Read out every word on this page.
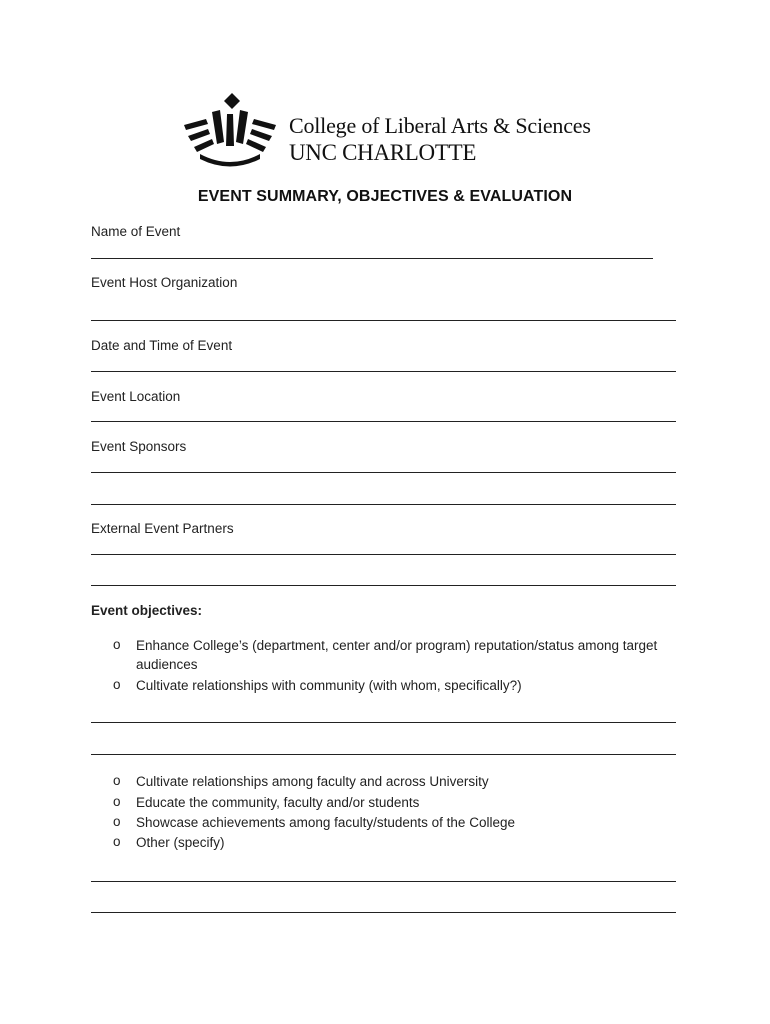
College of Liberal Arts & Sciences
UNC CHARLOTTE
EVENT SUMMARY, OBJECTIVES & EVALUATION
Name of Event
Event Host Organization
Date and Time of Event
Event Location
Event Sponsors
External Event Partners
Event objectives:
o Enhance College’s (department, center and/or program) reputation/status among target audiences
o Cultivate relationships with community (with whom, specifically?)
o Cultivate relationships among faculty and across University
o Educate the community, faculty and/or students
o Showcase achievements among faculty/students of the College
o Other (specify)
